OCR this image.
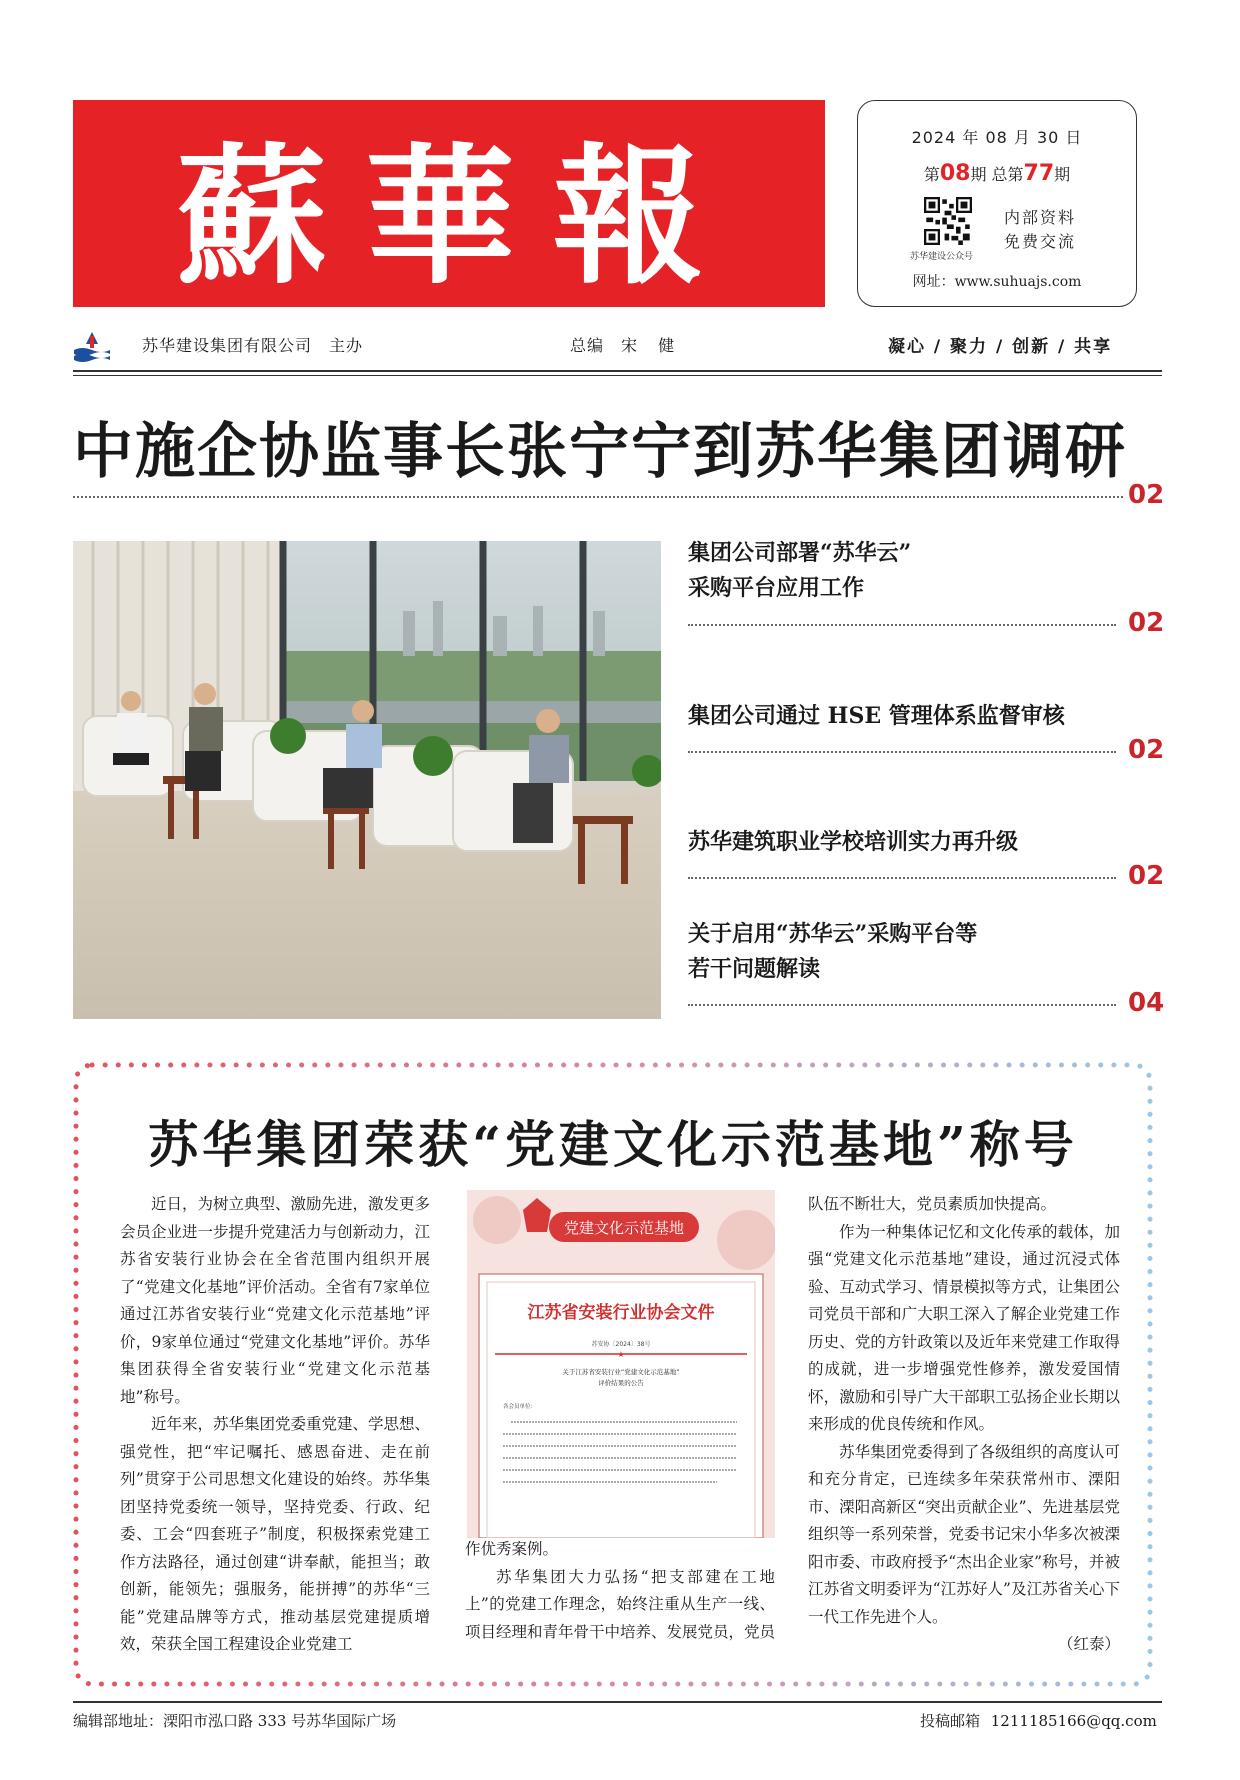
蘇華報	2024 年 08 月 30 日
第08期 总第77期
苏华建设公众号
内部资料
免费交流
网址：www.suhuajs.com
苏华建设集团有限公司　主办	总编　宋 健	凝心 / 聚力 / 创新 / 共享
中施企协监事长张宁宁到苏华集团调研
02
集团公司部署“苏华云”
采购平台应用工作
02
集团公司通过 HSE 管理体系监督审核
02
苏华建筑职业学校培训实力再升级
02
关于启用“苏华云”采购平台等
若干问题解读
04
苏华集团荣获“党建文化示范基地”称号

近日，为树立典型、激励先进，激发更多会员企业进一步提升党建活力与创新动力，江苏省安装行业协会在全省范围内组织开展了“党建文化基地”评价活动。全省有7家单位通过江苏省安装行业“党建文化示范基地”评价，9家单位通过“党建文化基地”评价。苏华集团获得全省安装行业“党建文化示范基地”称号。

近年来，苏华集团党委重党建、学思想、强党性，把“牢记嘱托、感恩奋进、走在前列”贯穿于公司思想文化建设的始终。苏华集团坚持党委统一领导，坚持党委、行政、纪委、工会“四套班子”制度，积极探索党建工作方法路径，通过创建“讲奉献，能担当；敢创新，能领先；强服务，能拼搏”的苏华“三能”党建品牌等方式，推动基层党建提质增效，荣获全国工程建设企业党建工

党建文化示范基地
江苏省安装行业协会文件
苏安协〔2024〕38号
★
关于江苏省安装行业“党建文化示范基地”
评价结果的公告
各会员单位：

作优秀案例。

苏华集团大力弘扬“把支部建在工地上”的党建工作理念，始终注重从生产一线、项目经理和青年骨干中培养、发展党员，党员

队伍不断壮大，党员素质加快提高。

作为一种集体记忆和文化传承的载体，加强“党建文化示范基地”建设，通过沉浸式体验、互动式学习、情景模拟等方式，让集团公司党员干部和广大职工深入了解企业党建工作历史、党的方针政策以及近年来党建工作取得的成就，进一步增强党性修养，激发爱国情怀，激励和引导广大干部职工弘扬企业长期以来形成的优良传统和作风。

苏华集团党委得到了各级组织的高度认可和充分肯定，已连续多年荣获常州市、溧阳市、溧阳高新区“突出贡献企业”、先进基层党组织等一系列荣誉，党委书记宋小华多次被溧阳市委、市政府授予“杰出企业家”称号，并被江苏省文明委评为“江苏好人”及江苏省关心下一代工作先进个人。

（红泰）

编辑部地址：溧阳市泓口路 333 号苏华国际广场	投稿邮箱 1211185166@qq.com
